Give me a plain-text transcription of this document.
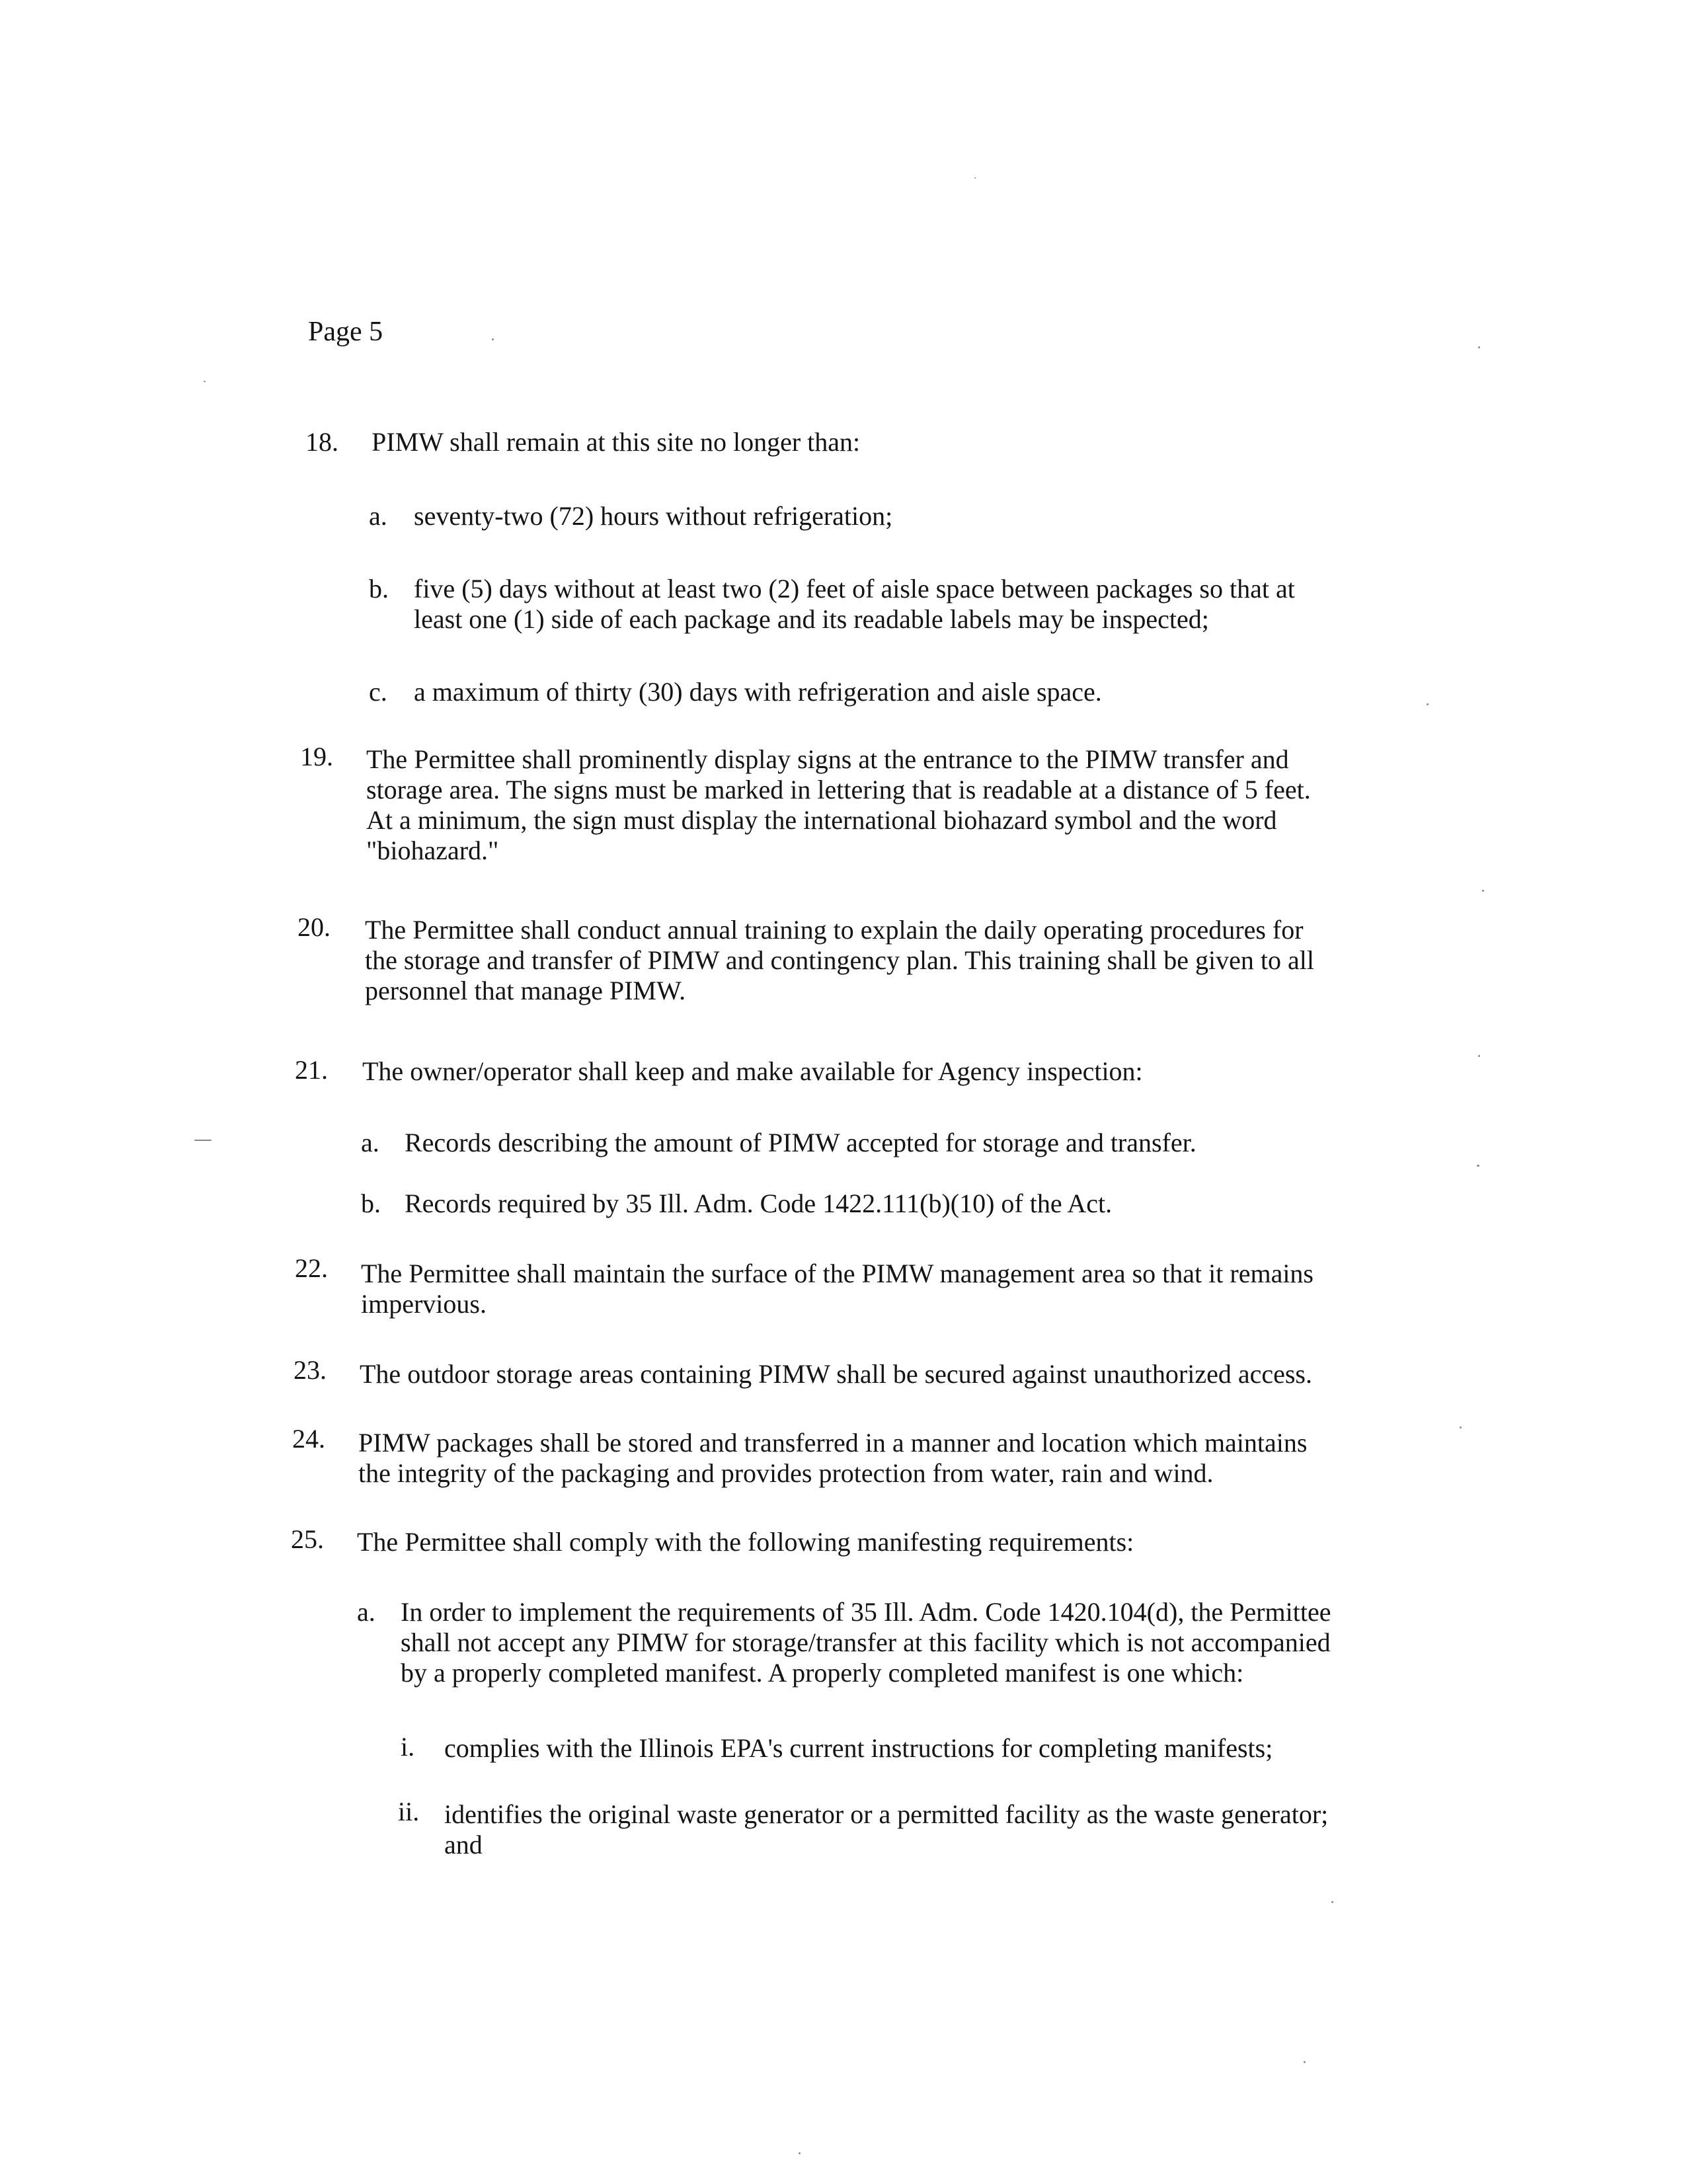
Page 5
18. PIMW shall remain at this site no longer than:
a. seventy-two (72) hours without refrigeration;
b. five (5) days without at least two (2) feet of aisle space between packages so that at
least one (1) side of each package and its readable labels may be inspected;
c. a maximum of thirty (30) days with refrigeration and aisle space.
19. The Permittee shall prominently display signs at the entrance to the PIMW transfer and
storage area. The signs must be marked in lettering that is readable at a distance of 5 feet.
At a minimum, the sign must display the international biohazard symbol and the word
"biohazard."
20. The Permittee shall conduct annual training to explain the daily operating procedures for
the storage and transfer of PIMW and contingency plan. This training shall be given to all
personnel that manage PIMW.
21. The owner/operator shall keep and make available for Agency inspection:
a. Records describing the amount of PIMW accepted for storage and transfer.
b. Records required by 35 Ill. Adm. Code 1422.111(b)(10) of the Act.
22. The Permittee shall maintain the surface of the PIMW management area so that it remains
impervious.
23. The outdoor storage areas containing PIMW shall be secured against unauthorized access.
24. PIMW packages shall be stored and transferred in a manner and location which maintains
the integrity of the packaging and provides protection from water, rain and wind.
25. The Permittee shall comply with the following manifesting requirements:
a. In order to implement the requirements of 35 Ill. Adm. Code 1420.104(d), the Permittee
shall not accept any PIMW for storage/transfer at this facility which is not accompanied
by a properly completed manifest. A properly completed manifest is one which:
i. complies with the Illinois EPA's current instructions for completing manifests;
ii. identifies the original waste generator or a permitted facility as the waste generator;
and
